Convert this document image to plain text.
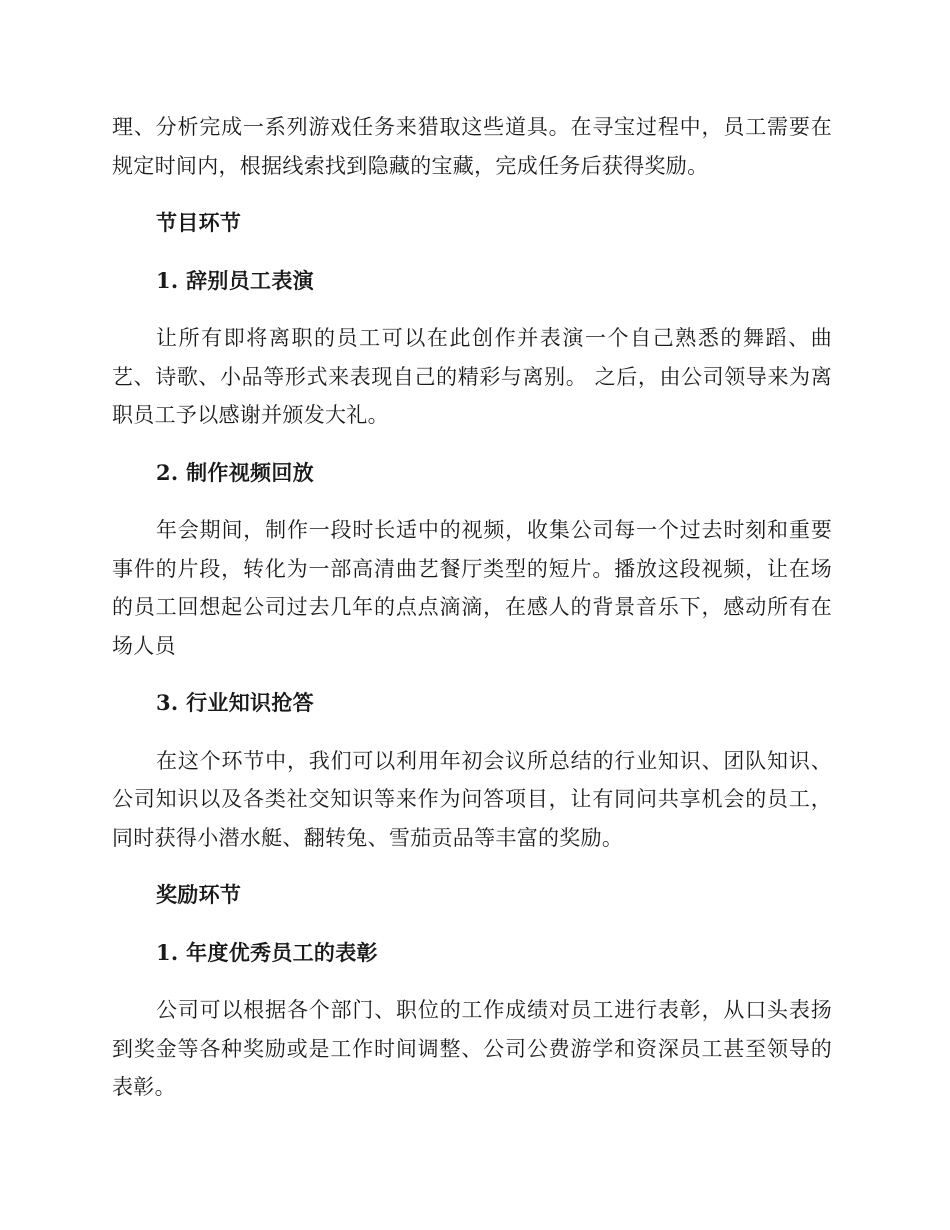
理、分析完成一系列游戏任务来猎取这些道具。在寻宝过程中，员工需要在规定时间内，根据线索找到隐藏的宝藏，完成任务后获得奖励。

节目环节
1. 辞别员工表演

让所有即将离职的员工可以在此创作并表演一个自己熟悉的舞蹈、曲艺、诗歌、小品等形式来表现自己的精彩与离别。 之后，由公司领导来为离职员工予以感谢并颁发大礼。

2. 制作视频回放

年会期间，制作一段时长适中的视频，收集公司每一个过去时刻和重要事件的片段，转化为一部高清曲艺餐厅类型的短片。播放这段视频，让在场的员工回想起公司过去几年的点点滴滴，在感人的背景音乐下，感动所有在场人员

3. 行业知识抢答

在这个环节中，我们可以利用年初会议所总结的行业知识、团队知识、公司知识以及各类社交知识等来作为问答项目，让有同问共享机会的员工，同时获得小潜水艇、翻转兔、雪茄贡品等丰富的奖励。

奖励环节
1. 年度优秀员工的表彰

公司可以根据各个部门、职位的工作成绩对员工进行表彰，从口头表扬到奖金等各种奖励或是工作时间调整、公司公费游学和资深员工甚至领导的表彰。
